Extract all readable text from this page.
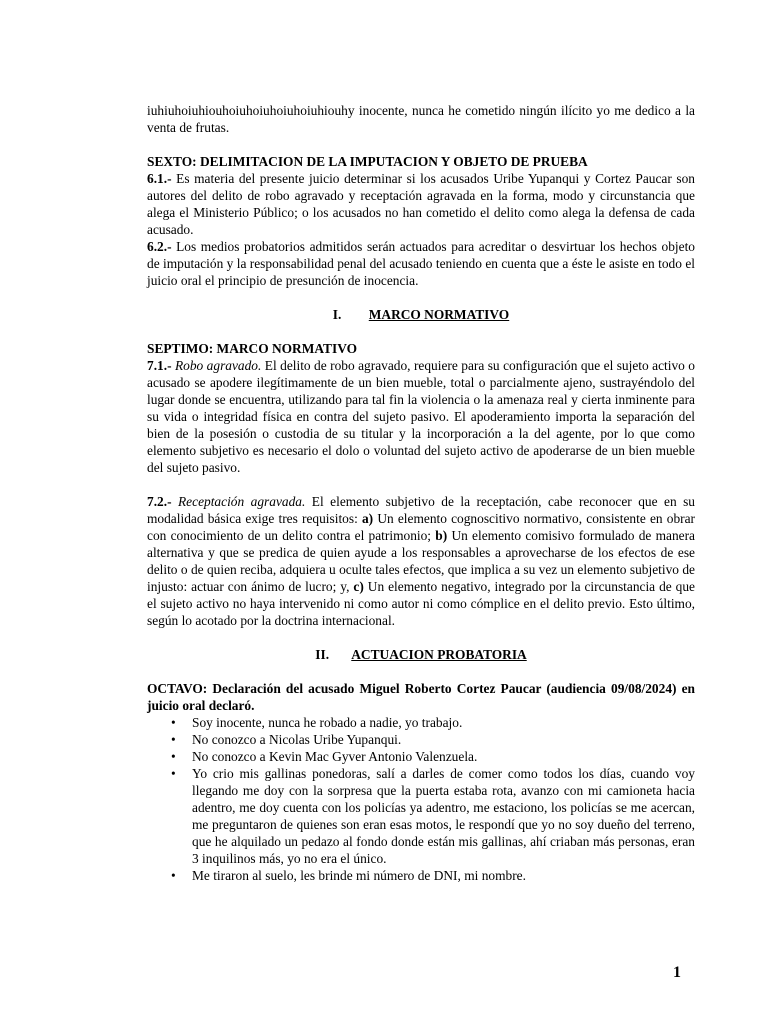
iuhiuhoiuhiouhoiuhoiuhoiuhoiuhiouhy inocente, nunca he cometido ningún ilícito yo me dedico a la venta de frutas.

SEXTO: DELIMITACION DE LA IMPUTACION Y OBJETO DE PRUEBA

6.1.- Es materia del presente juicio determinar si los acusados Uribe Yupanqui y Cortez Paucar son autores del delito de robo agravado y receptación agravada en la forma, modo y circunstancia que alega el Ministerio Público; o los acusados no han cometido el delito como alega la defensa de cada acusado.

6.2.- Los medios probatorios admitidos serán actuados para acreditar o desvirtuar los hechos objeto de imputación y la responsabilidad penal del acusado teniendo en cuenta que a éste le asiste en todo el juicio oral el principio de presunción de inocencia.

I. MARCO NORMATIVO

SEPTIMO: MARCO NORMATIVO

7.1.- Robo agravado. El delito de robo agravado, requiere para su configuración que el sujeto activo o acusado se apodere ilegítimamente de un bien mueble, total o parcialmente ajeno, sustrayéndolo del lugar donde se encuentra, utilizando para tal fin la violencia o la amenaza real y cierta inminente para su vida o integridad física en contra del sujeto pasivo. El apoderamiento importa la separación del bien de la posesión o custodia de su titular y la incorporación a la del agente, por lo que como elemento subjetivo es necesario el dolo o voluntad del sujeto activo de apoderarse de un bien mueble del sujeto pasivo.

7.2.- Receptación agravada. El elemento subjetivo de la receptación, cabe reconocer que en su modalidad básica exige tres requisitos: a) Un elemento cognoscitivo normativo, consistente en obrar con conocimiento de un delito contra el patrimonio; b) Un elemento comisivo formulado de manera alternativa y que se predica de quien ayude a los responsables a aprovecharse de los efectos de ese delito o de quien reciba, adquiera u oculte tales efectos, que implica a su vez un elemento subjetivo de injusto: actuar con ánimo de lucro; y, c) Un elemento negativo, integrado por la circunstancia de que el sujeto activo no haya intervenido ni como autor ni como cómplice en el delito previo. Esto último, según lo acotado por la doctrina internacional.

II. ACTUACION PROBATORIA

OCTAVO: Declaración del acusado Miguel Roberto Cortez Paucar (audiencia 09/08/2024) en juicio oral declaró.

• Soy inocente, nunca he robado a nadie, yo trabajo.
• No conozco a Nicolas Uribe Yupanqui.
• No conozco a Kevin Mac Gyver Antonio Valenzuela.
• Yo crio mis gallinas ponedoras, salí a darles de comer como todos los días, cuando voy llegando me doy con la sorpresa que la puerta estaba rota, avanzo con mi camioneta hacia adentro, me doy cuenta con los policías ya adentro, me estaciono, los policías se me acercan, me preguntaron de quienes son eran esas motos, le respondí que yo no soy dueño del terreno, que he alquilado un pedazo al fondo donde están mis gallinas, ahí criaban más personas, eran 3 inquilinos más, yo no era el único.
• Me tiraron al suelo, les brinde mi número de DNI, mi nombre.
1
